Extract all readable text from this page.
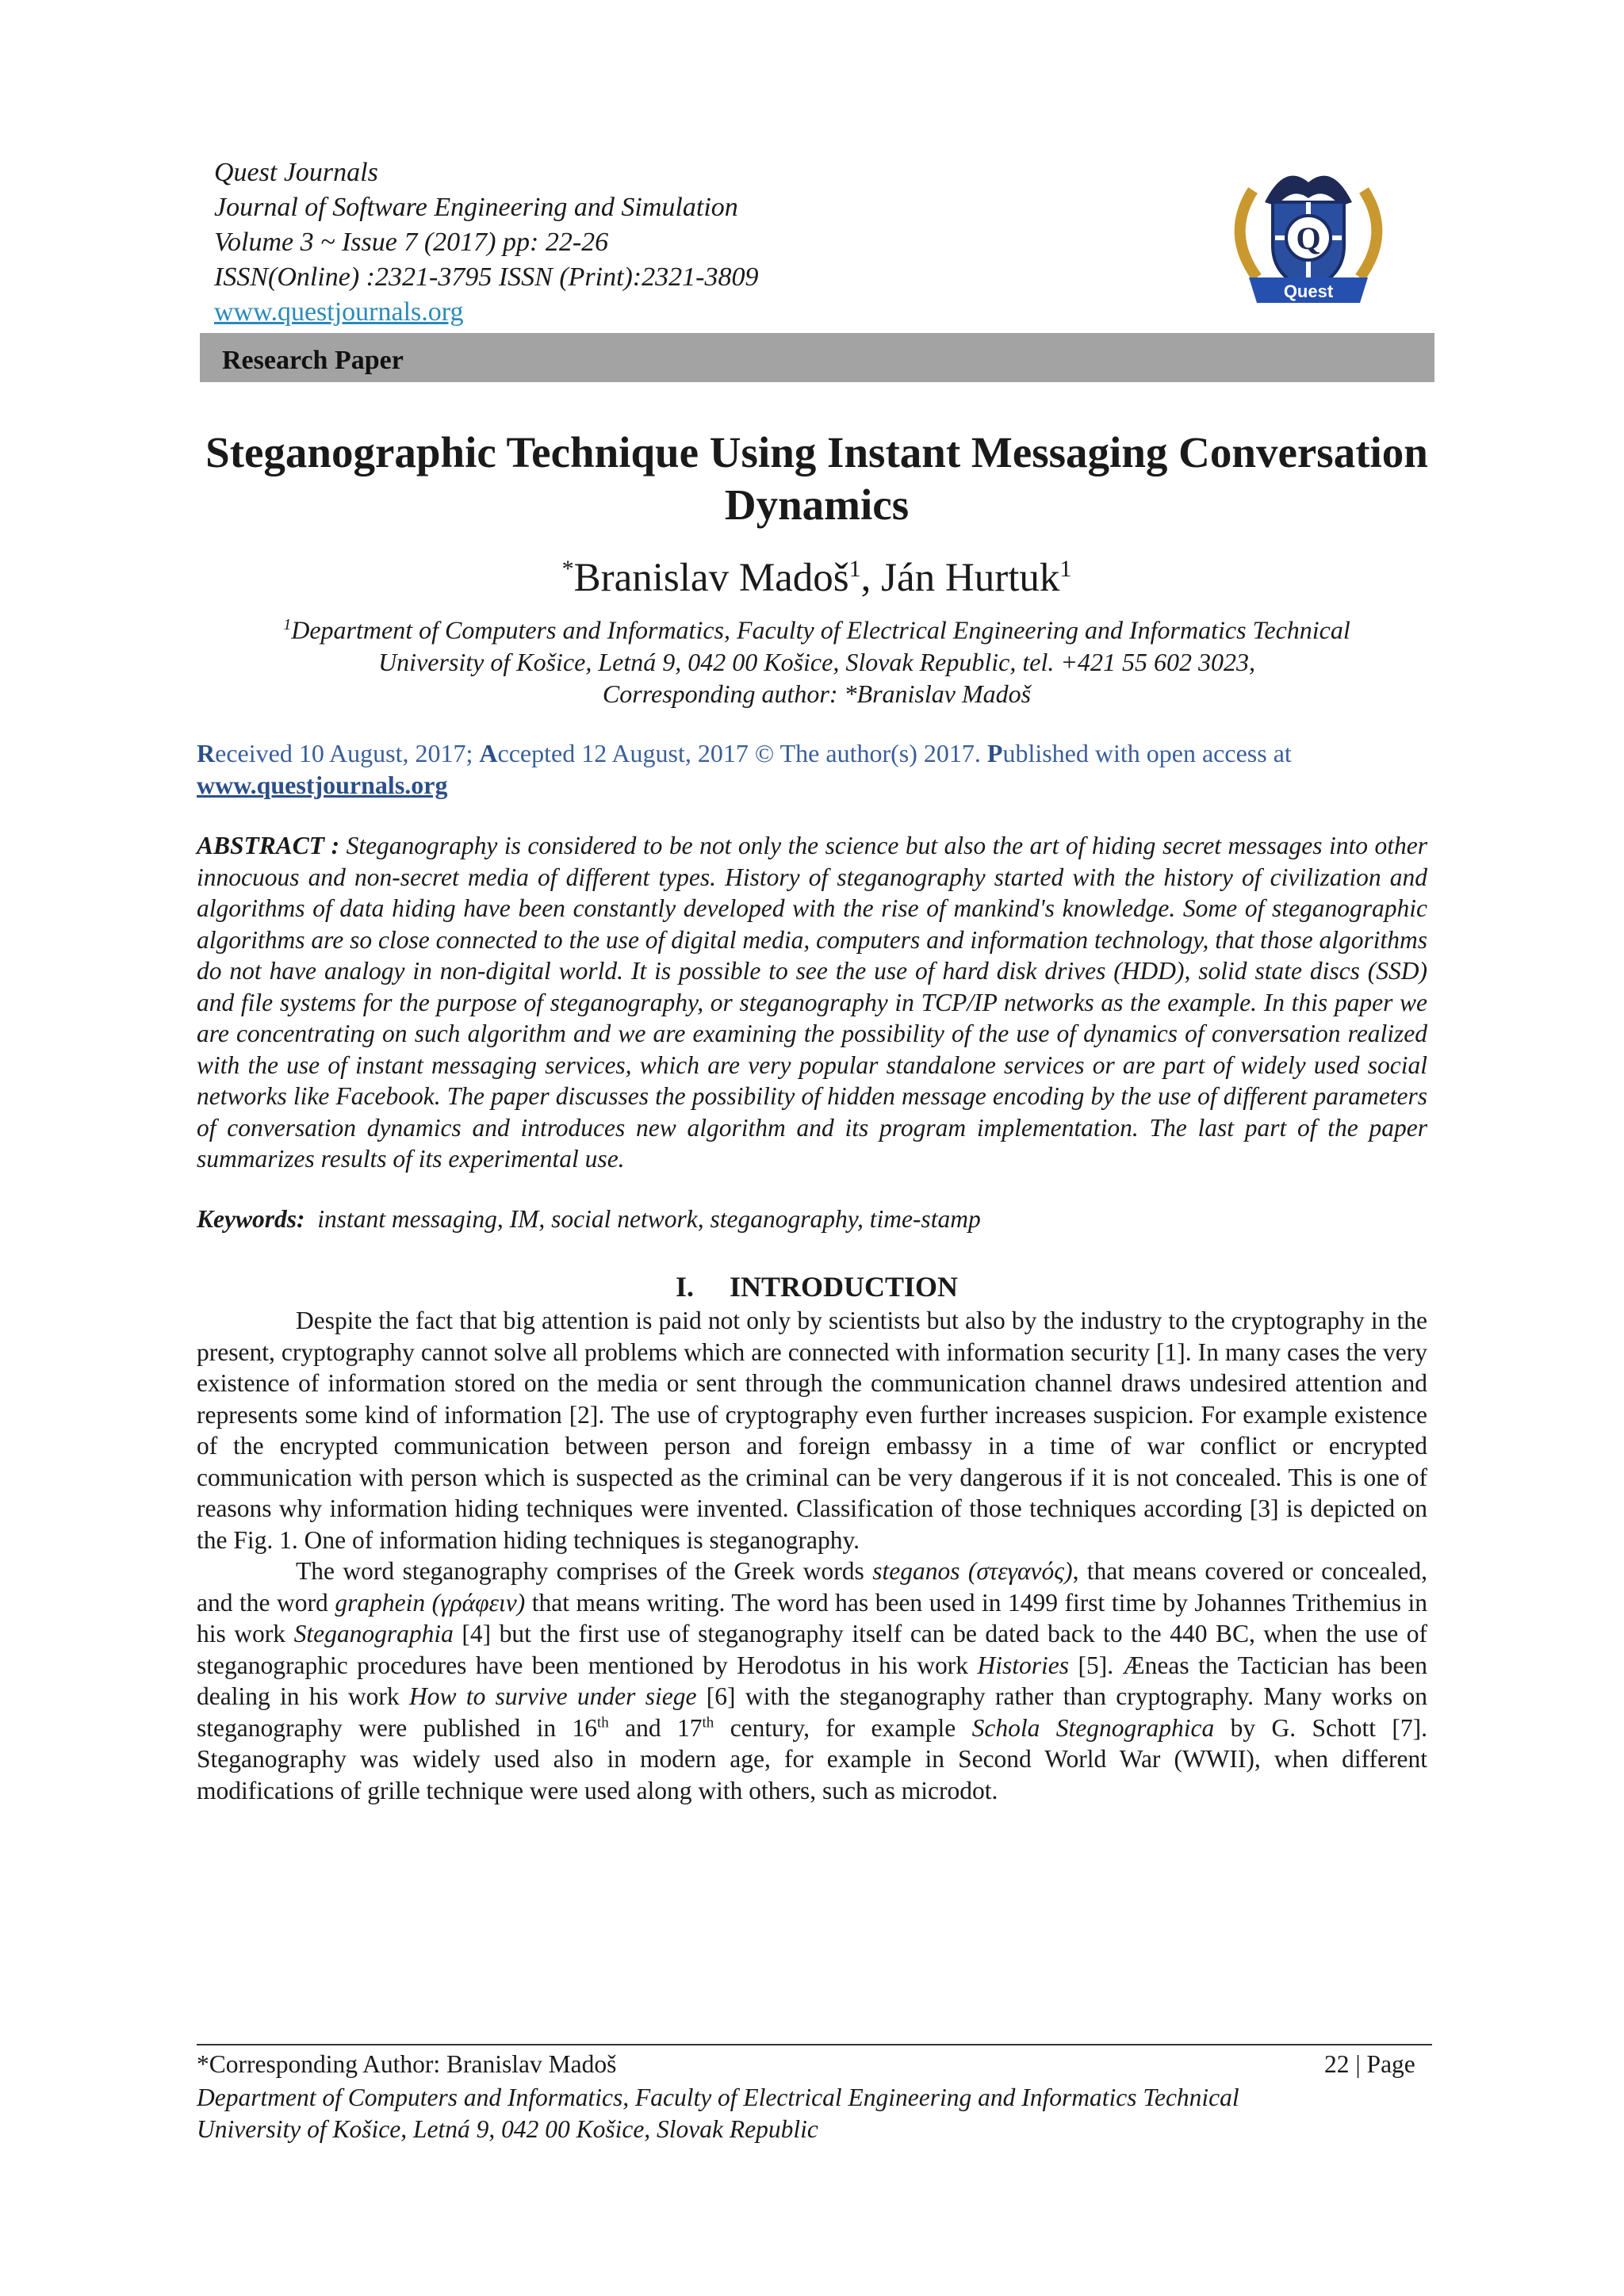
Quest Journals
Journal of Software Engineering and Simulation
Volume 3 ~ Issue 7 (2017) pp: 22-26
ISSN(Online) :2321-3795 ISSN (Print):2321-3809
www.questjournals.org
Q
Quest
Research Paper
Steganographic Technique Using Instant Messaging Conversation Dynamics
*Branislav Madoš$^1$, Ján Hurtuk$^1$
$^1$Department of Computers and Informatics, Faculty of Electrical Engineering and Informatics Technical
University of Košice, Letná 9, 042 00 Košice, Slovak Republic, tel. +421 55 602 3023,
Corresponding author: *Branislav Madoš
Received 10 August, 2017; Accepted 12 August, 2017 © The author(s) 2017. Published with open access at
www.questjournals.org
ABSTRACT : Steganography is considered to be not only the science but also the art of hiding secret messages into other innocuous and non-secret media of different types. History of steganography started with the history of civilization and algorithms of data hiding have been constantly developed with the rise of mankind's knowledge. Some of steganographic algorithms are so close connected to the use of digital media, computers and information technology, that those algorithms do not have analogy in non-digital world. It is possible to see the use of hard disk drives (HDD), solid state discs (SSD) and file systems for the purpose of steganography, or steganography in TCP/IP networks as the example. In this paper we are concentrating on such algorithm and we are examining the possibility of the use of dynamics of conversation realized with the use of instant messaging services, which are very popular standalone services or are part of widely used social networks like Facebook. The paper discusses the possibility of hidden message encoding by the use of different parameters of conversation dynamics and introduces new algorithm and its program implementation. The last part of the paper summarizes results of its experimental use.
Keywords: instant messaging, IM, social network, steganography, time-stamp
I. INTRODUCTION

Despite the fact that big attention is paid not only by scientists but also by the industry to the cryptography in the present, cryptography cannot solve all problems which are connected with information security [1]. In many cases the very existence of information stored on the media or sent through the communication channel draws undesired attention and represents some kind of information [2]. The use of cryptography even further increases suspicion. For example existence of the encrypted communication between person and foreign embassy in a time of war conflict or encrypted communication with person which is suspected as the criminal can be very dangerous if it is not concealed. This is one of reasons why information hiding techniques were invented. Classification of those techniques according [3] is depicted on the Fig. 1. One of information hiding techniques is steganography.

The word steganography comprises of the Greek words steganos (στεγανός), that means covered or concealed, and the word graphein (γράφειν) that means writing. The word has been used in 1499 first time by Johannes Trithemius in his work Steganographia [4] but the first use of steganography itself can be dated back to the 440 BC, when the use of steganographic procedures have been mentioned by Herodotus in his work Histories [5]. Æneas the Tactician has been dealing in his work How to survive under siege [6] with the steganography rather than cryptography. Many works on steganography were published in 16th and 17th century, for example Schola Stegnographica by G. Schott [7]. Steganography was widely used also in modern age, for example in Second World War (WWII), when different modifications of grille technique were used along with others, such as microdot.

*Corresponding Author: Branislav Madoš	22 | Page
Department of Computers and Informatics, Faculty of Electrical Engineering and Informatics Technical
University of Košice, Letná 9, 042 00 Košice, Slovak Republic
